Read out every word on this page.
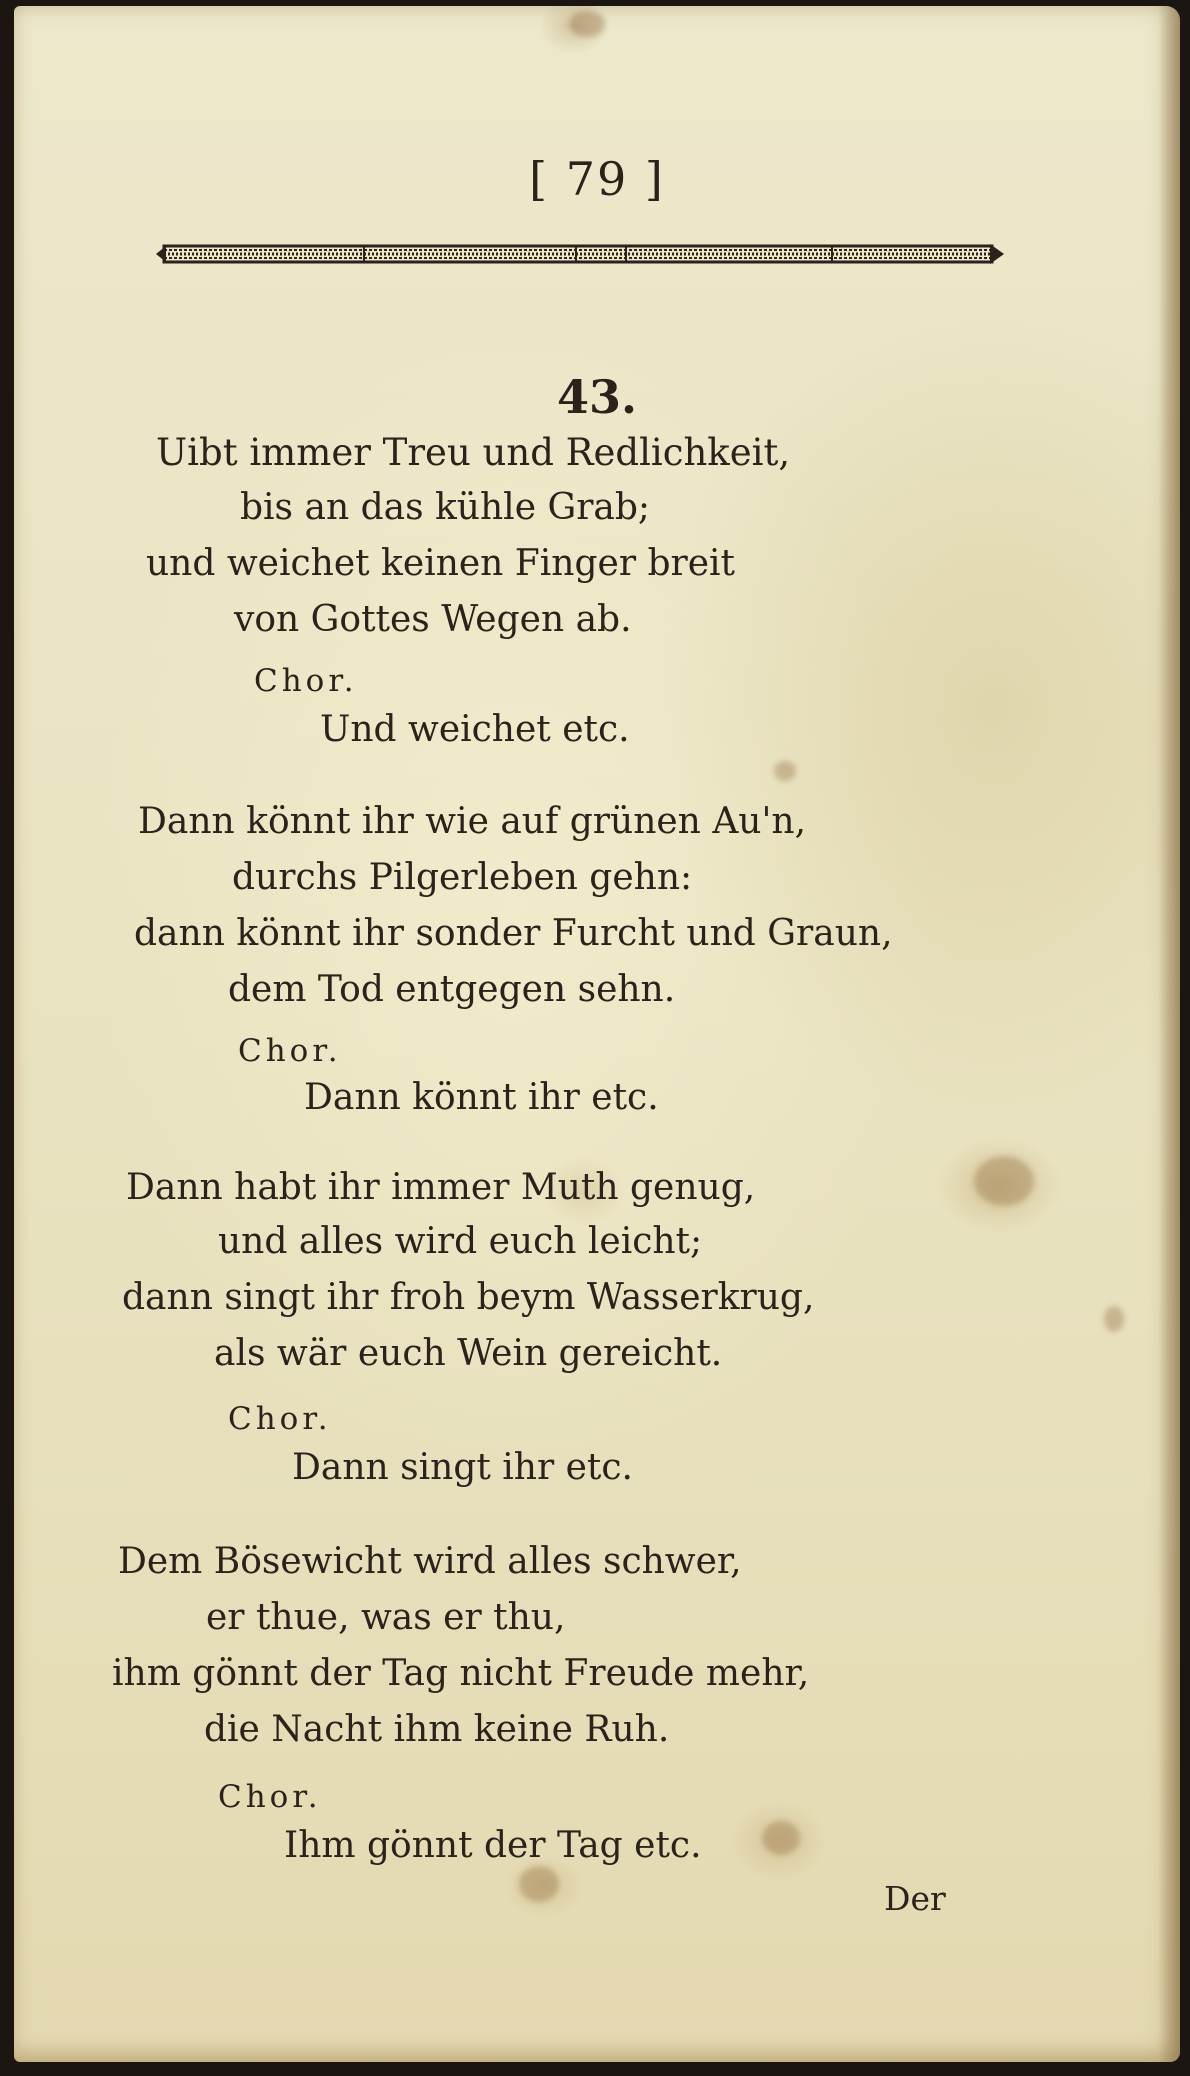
[ 79 ]
43.
Uibt immer Treu und Redlichkeit,
bis an das kühle Grab;
und weichet keinen Finger breit
von Gottes Wegen ab.
Chor.
Und weichet etc.
Dann könnt ihr wie auf grünen Au'n,
durchs Pilgerleben gehn:
dann könnt ihr sonder Furcht und Graun,
dem Tod entgegen sehn.
Chor.
Dann könnt ihr etc.
Dann habt ihr immer Muth genug,
und alles wird euch leicht;
dann singt ihr froh beym Wasserkrug,
als wär euch Wein gereicht.
Chor.
Dann singt ihr etc.
Dem Bösewicht wird alles schwer,
er thue, was er thu,
ihm gönnt der Tag nicht Freude mehr,
die Nacht ihm keine Ruh.
Chor.
Ihm gönnt der Tag etc.
Der
